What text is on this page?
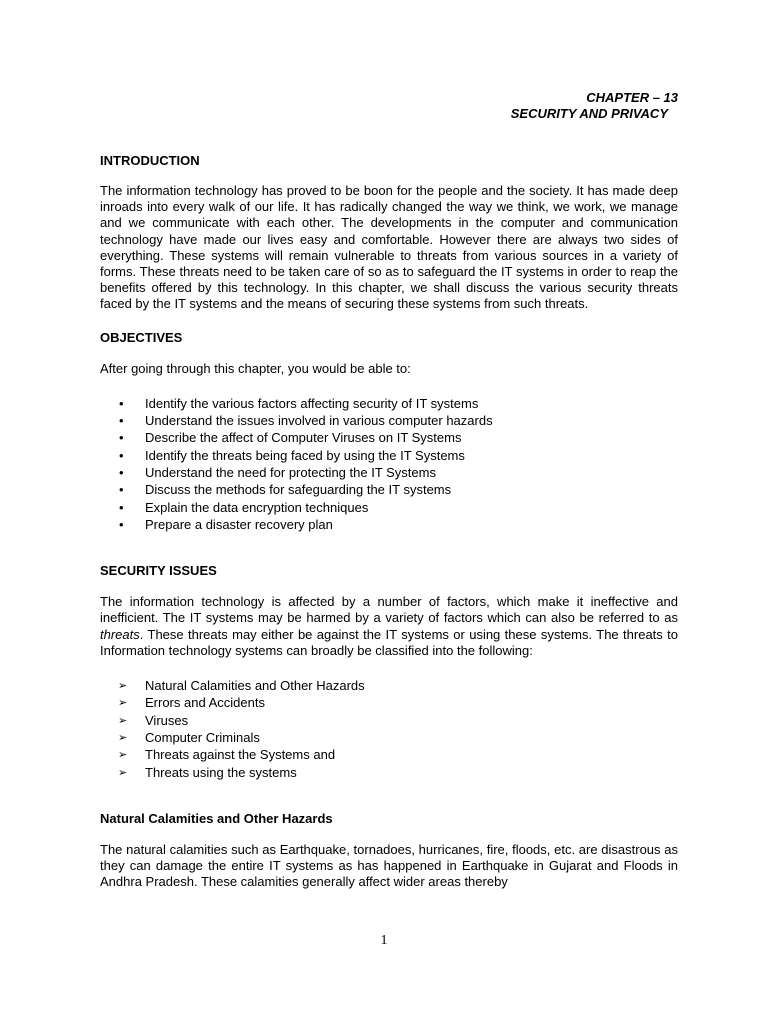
CHAPTER – 13
SECURITY AND PRIVACY
INTRODUCTION

The information technology has proved to be boon for the people and the society. It has made deep inroads into every walk of our life. It has radically changed the way we think, we work, we manage and we communicate with each other. The developments in the computer and communication technology have made our lives easy and comfortable. However there are always two sides of everything. These systems will remain vulnerable to threats from various sources in a variety of forms. These threats need to be taken care of so as to safeguard the IT systems in order to reap the benefits offered by this technology. In this chapter, we shall discuss the various security threats faced by the IT systems and the means of securing these systems from such threats.

OBJECTIVES

After going through this chapter, you would be able to:

• Identify the various factors affecting security of IT systems
• Understand the issues involved in various computer hazards
• Describe the affect of Computer Viruses on IT Systems
• Identify the threats being faced by using the IT Systems
• Understand the need for protecting the IT Systems
• Discuss the methods for safeguarding the IT systems
• Explain the data encryption techniques
• Prepare a disaster recovery plan
SECURITY ISSUES

The information technology is affected by a number of factors, which make it ineffective and inefficient. The IT systems may be harmed by a variety of factors which can also be referred to as threats. These threats may either be against the IT systems or using these systems. The threats to Information technology systems can broadly be classified into the following:

➢ Natural Calamities and Other Hazards
➢ Errors and Accidents
➢ Viruses
➢ Computer Criminals
➢ Threats against the Systems and
➢ Threats using the systems
Natural Calamities and Other Hazards

The natural calamities such as Earthquake, tornadoes, hurricanes, fire, floods, etc. are disastrous as they can damage the entire IT systems as has happened in Earthquake in Gujarat and Floods in Andhra Pradesh. These calamities generally affect wider areas thereby

1
